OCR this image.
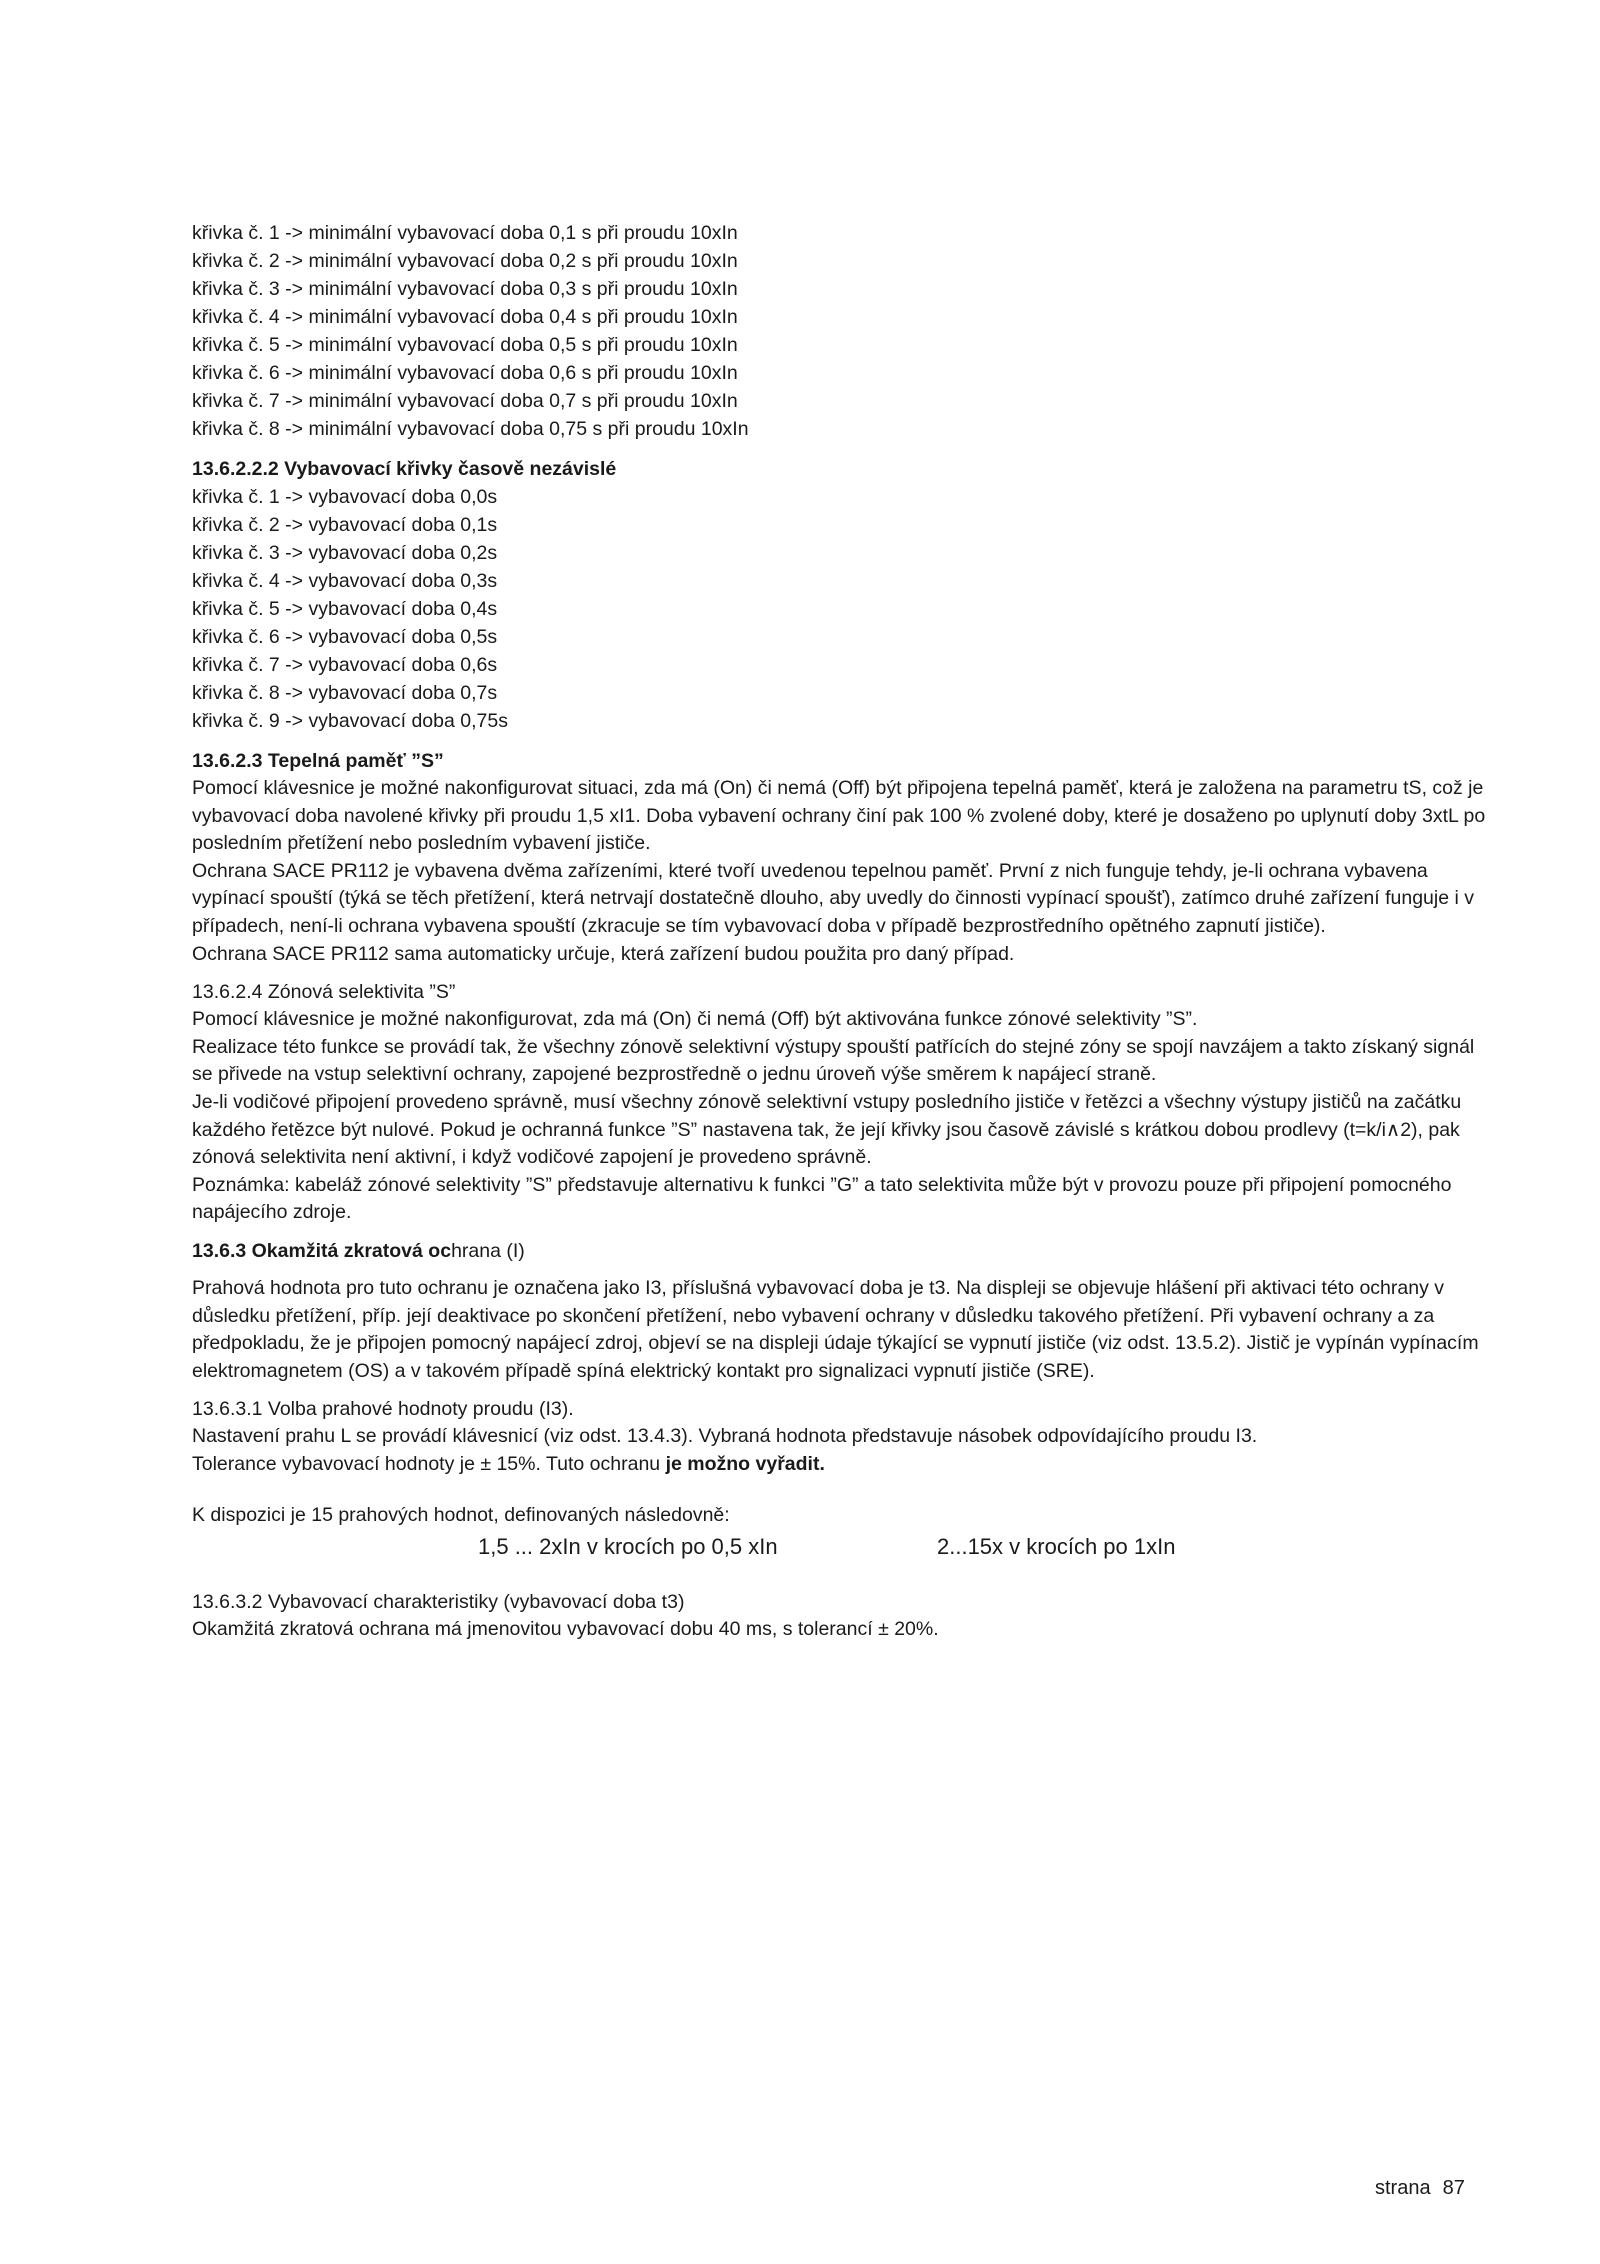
křivka č. 1 -> minimální vybavovací doba 0,1 s při proudu 10xIn

křivka č. 2 -> minimální vybavovací doba 0,2 s při proudu 10xIn

křivka č. 3 -> minimální vybavovací doba 0,3 s při proudu 10xIn

křivka č. 4 -> minimální vybavovací doba 0,4 s při proudu 10xIn

křivka č. 5 -> minimální vybavovací doba 0,5 s při proudu 10xIn

křivka č. 6 -> minimální vybavovací doba 0,6 s při proudu 10xIn

křivka č. 7 -> minimální vybavovací doba 0,7 s při proudu 10xIn

křivka č. 8 -> minimální vybavovací doba 0,75 s při proudu 10xIn

13.6.2.2.2 Vybavovací křivky časově nezávislé

křivka č. 1 -> vybavovací doba 0,0s

křivka č. 2 -> vybavovací doba 0,1s

křivka č. 3 -> vybavovací doba 0,2s

křivka č. 4 -> vybavovací doba 0,3s

křivka č. 5 -> vybavovací doba 0,4s

křivka č. 6 -> vybavovací doba 0,5s

křivka č. 7 -> vybavovací doba 0,6s

křivka č. 8 -> vybavovací doba 0,7s

křivka č. 9 -> vybavovací doba 0,75s

13.6.2.3 Tepelná paměť ”S”

Pomocí klávesnice je možné nakonfigurovat situaci, zda má (On) či nemá (Off) být připojena tepelná paměť, která je založena na parametru tS, což je vybavovací doba navolené křivky při proudu 1,5 xI1. Doba vybavení ochrany činí pak 100 % zvolené doby, které je dosaženo po uplynutí doby 3xtL po posledním přetížení nebo posledním vybavení jističe.

Ochrana SACE PR112 je vybavena dvěma zařízeními, které tvoří uvedenou tepelnou paměť. První z nich funguje tehdy, je-li ochrana vybavena vypínací spouští (týká se těch přetížení, která netrvají dostatečně dlouho, aby uvedly do činnosti vypínací spoušť), zatímco druhé zařízení funguje i v případech, není-li ochrana vybavena spouští (zkracuje se tím vybavovací doba v případě bezprostředního opětného zapnutí jističe).

Ochrana SACE PR112 sama automaticky určuje, která zařízení budou použita pro daný případ.

13.6.2.4 Zónová selektivita ”S”

Pomocí klávesnice je možné nakonfigurovat, zda má (On) či nemá (Off) být aktivována funkce zónové selektivity ”S”.

Realizace této funkce se provádí tak, že všechny zónově selektivní výstupy spouští patřících do stejné zóny se spojí navzájem a takto získaný signál se přivede na vstup selektivní ochrany, zapojené bezprostředně o jednu úroveň výše směrem k napájecí straně.

Je-li vodičové připojení provedeno správně, musí všechny zónově selektivní vstupy posledního jističe v řetězci a všechny výstupy jističů na začátku každého řetězce být nulové. Pokud je ochranná funkce ”S” nastavena tak, že její křivky jsou časově závislé s krátkou dobou prodlevy (t=k/i∧2), pak zónová selektivita není aktivní, i když vodičové zapojení je provedeno správně.

Poznámka: kabeláž zónové selektivity ”S” představuje alternativu k funkci ”G” a tato selektivita může být v provozu pouze při připojení pomocného napájecího zdroje.

13.6.3 Okamžitá zkratová ochrana (I)

Prahová hodnota pro tuto ochranu je označena jako I3, příslušná vybavovací doba je t3. Na displeji se objevuje hlášení při aktivaci této ochrany v důsledku přetížení, příp. její deaktivace po skončení přetížení, nebo vybavení ochrany v důsledku takového přetížení. Při vybavení ochrany a za předpokladu, že je připojen pomocný napájecí zdroj, objeví se na displeji údaje týkající se vypnutí jističe (viz odst. 13.5.2). Jistič je vypínán vypínacím elektromagnetem (OS) a v takovém případě spíná elektrický kontakt pro signalizaci vypnutí jističe (SRE).

13.6.3.1 Volba prahové hodnoty proudu (I3).

Nastavení prahu L se provádí klávesnicí (viz odst. 13.4.3). Vybraná hodnota představuje násobek odpovídajícího proudu I3.

Tolerance vybavovací hodnoty je ± 15%. Tuto ochranu je možno vyřadit.

K dispozici je 15 prahových hodnot, definovaných následovně:

1,5 ... 2xIn v krocích po 0,5 xIn	2...15x v krocích po 1xIn

13.6.3.2 Vybavovací charakteristiky (vybavovací doba t3)

Okamžitá zkratová ochrana má jmenovitou vybavovací dobu 40 ms, s tolerancí ± 20%.

strana 87
